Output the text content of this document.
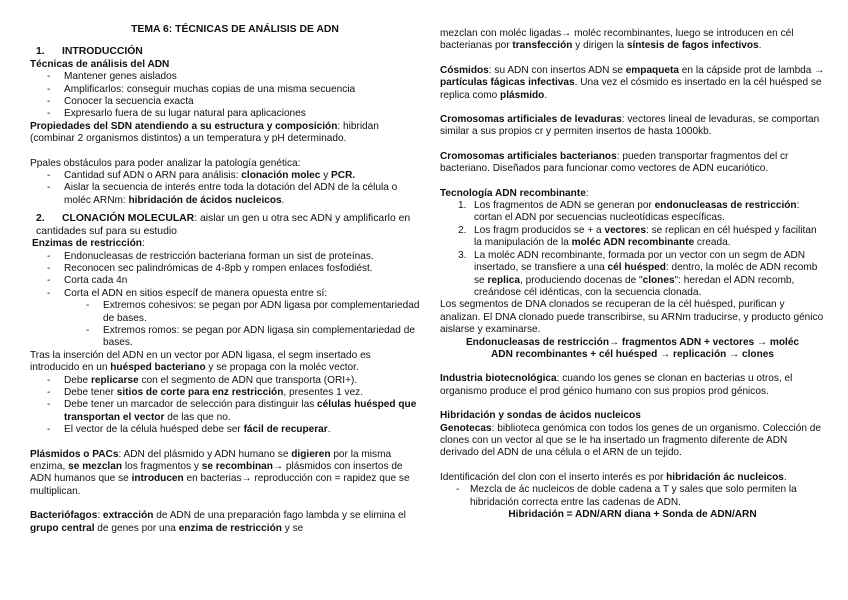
TEMA 6: TÉCNICAS DE ANÁLISIS DE ADN

1. INTRODUCCIÓN

Técnicas de análisis del ADN

- Mantener genes aislados
- Amplificarlos: conseguir muchas copias de una misma secuencia
- Conocer la secuencia exacta
- Expresarlo fuera de su lugar natural para aplicaciones

Propiedades del SDN atendiendo a su estructura y composición: hibridan (combinar 2 organismos distintos) a un temperatura y pH determinado.

Ppales obstáculos para poder analizar la patología genética:

- Cantidad suf ADN o ARN para análisis: clonación molec y PCR.
- Aislar la secuencia de interés entre toda la dotación del ADN de la célula o moléc ARNm: hibridación de ácidos nucleicos.

2. CLONACIÓN MOLECULAR: aislar un gen u otra sec ADN y amplificarlo en cantidades suf para su estudio

Enzimas de restricción:

- Endonucleasas de restricción bacteriana forman un sist de proteínas.
- Reconocen sec palindrómicas de 4-8pb y rompen enlaces fosfodiést.
- Corta cada 4n
- Corta el ADN en sitios específ de manera opuesta entre sí:
- Extremos cohesivos: se pegan por ADN ligasa por complementariedad de bases.
- Extremos romos: se pegan por ADN ligasa sin complementariedad de bases.

Tras la inserción del ADN en un vector por ADN ligasa, el segm insertado es introducido en un huésped bacteriano y se propaga con la moléc vector.

- Debe replicarse con el segmento de ADN que transporta (ORI+).
- Debe tener sitios de corte para enz restricción, presentes 1 vez.
- Debe tener un marcador de selección para distinguir las células huésped que transportan el vector de las que no.
- El vector de la célula huésped debe ser fácil de recuperar.

Plásmidos o PACs: ADN del plásmido y ADN humano se digieren por la misma enzima, se mezclan los fragmentos y se recombinan→ plásmidos con insertos de ADN humanos que se introducen en bacterias→ reproducción con = rapidez que se multiplican.

Bacteriófagos: extracción de ADN de una preparación fago lambda y se elimina el grupo central de genes por una enzima de restricción y se

mezclan con moléc ligadas→ moléc recombinantes, luego se introducen en cél bacterianas por transfección y dirigen la síntesis de fagos infectivos.

Cósmidos: su ADN con insertos ADN se empaqueta en la cápside prot de lambda → partículas fágicas infectivas. Una vez el cósmido es insertado en la cél huésped se replica como plásmido.

Cromosomas artificiales de levaduras: vectores lineal de levaduras, se comportan similar a sus propios cr y permiten insertos de hasta 1000kb.

Cromosomas artificiales bacterianos: pueden transportar fragmentos del cr bacteriano. Diseñados para funcionar como vectores de ADN eucariótico.

Tecnología ADN recombinante:

1. Los fragmentos de ADN se generan por endonucleasas de restricción: cortan el ADN por secuencias nucleotídicas específicas.
2. Los fragm producidos se + a vectores: se replican en cél huésped y facilitan la manipulación de la moléc ADN recombinante creada.
3. La moléc ADN recombinante, formada por un vector con un segm de ADN insertado, se transfiere a una cél huésped: dentro, la moléc de ADN recomb se replica, produciendo docenas de "clones": heredan el ADN recomb, creándose cél idénticas, con la secuencia clonada.

Los segmentos de DNA clonados se recuperan de la cél huésped, purifican y analizan. El DNA clonado puede transcribirse, su ARNm traducirse, y producto génico aislarse y examinarse.

Endonucleasas de restricción→ fragmentos ADN + vectores → moléc

ADN recombinantes + cél huésped → replicación → clones

Industria biotecnológica: cuando los genes se clonan en bacterias u otros, el organismo produce el prod génico humano con sus propios prod génicos.

Hibridación y sondas de ácidos nucleicos

Genotecas: biblioteca genómica con todos los genes de un organismo. Colección de clones con un vector al que se le ha insertado un fragmento diferente de ADN derivado del ADN de una célula o el ARN de un tejido.

Identificación del clon con el inserto interés es por hibridación ác nucleicos.

- Mezcla de ác nucleicos de doble cadena a T y sales que solo permiten la hibridación correcta entre las cadenas de ADN.

Hibridación = ADN/ARN diana + Sonda de ADN/ARN
